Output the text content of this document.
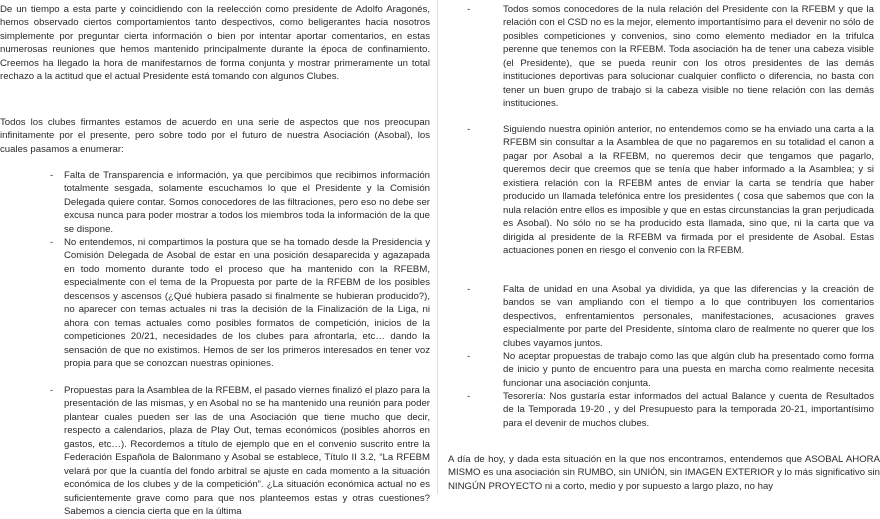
De un tiempo a esta parte y coincidiendo con la reelección como presidente de Adolfo Aragonés, hemos observado ciertos comportamientos tanto despectivos, como beligerantes hacia nosotros simplemente por preguntar cierta información o bien por intentar aportar comentarios, en estas numerosas reuniones que hemos mantenido principalmente durante la época de confinamiento. Creemos ha llegado la hora de manifestarnos de forma conjunta y mostrar primeramente un total rechazo a la actitud que el actual Presidente está tomando con algunos Clubes.

Todos los clubes firmantes estamos de acuerdo en una serie de aspectos que nos preocupan infinitamente por el presente, pero sobre todo por el futuro de nuestra Asociación (Asobal), los cuales pasamos a enumerar:

-	Falta de Transparencia e información, ya que percibimos que recibimos información totalmente sesgada, solamente escuchamos lo que el Presidente y la Comisión Delegada quiere contar. Somos conocedores de las filtraciones, pero eso no debe ser excusa nunca para poder mostrar a todos los miembros toda la información de la que se dispone.
-	No entendemos, ni compartimos la postura que se ha tomado desde la Presidencia y Comisión Delegada de Asobal de estar en una posición desaparecida y agazapada en todo momento durante todo el proceso que ha mantenido con la RFEBM, especialmente con el tema de la Propuesta por parte de la RFEBM de los posibles descensos y ascensos (¿Qué hubiera pasado si finalmente se hubieran producido?), no aparecer con temas actuales ni tras la decisión de la Finalización de la Liga, ni ahora con temas actuales como posibles formatos de competición, inicios de la competiciones 20/21, necesidades de los clubes para afrontarla, etc… dando la sensación de que no existimos. Hemos de ser los primeros interesados en tener voz propia para que se conozcan nuestras opiniones.
-	Propuestas para la Asamblea de la RFEBM, el pasado viernes finalizó el plazo para la presentación de las mismas, y en Asobal no se ha mantenido una reunión para poder plantear cuales pueden ser las de una Asociación que tiene mucho que decir, respecto a calendarios, plaza de Play Out, temas económicos (posibles ahorros en gastos, etc…). Recordemos a título de ejemplo que en el convenio suscrito entre la Federación Española de Balonmano y Asobal se establece, Título II 3.2, “La RFEBM velará por que la cuantía del fondo arbitral se ajuste en cada momento a la situación económica de los clubes y de la competición”. ¿La situación económica actual no es suficientemente grave como para que nos planteemos estas y otras cuestiones? Sabemos a ciencia cierta que en la última
-	Todos somos conocedores de la nula relación del Presidente con la RFEBM y que la relación con el CSD no es la mejor, elemento importantísimo para el devenir no sólo de posibles competiciones y convenios, sino como elemento mediador en la trifulca perenne que tenemos con la RFEBM. Toda asociación ha de tener una cabeza visible (el Presidente), que se pueda reunir con los otros presidentes de las demás instituciones deportivas para solucionar cualquier conflicto o diferencia, no basta con tener un buen grupo de trabajo si la cabeza visible no tiene relación con las demás instituciones.
-	Siguiendo nuestra opinión anterior, no entendemos como se ha enviado una carta a la RFEBM sin consultar a la Asamblea de que no pagaremos en su totalidad el canon a pagar por Asobal a la RFEBM, no queremos decir que tengamos que pagarlo, queremos decir que creemos que se tenía que haber informado a la Asamblea; y si existiera relación con la RFEBM antes de enviar la carta se tendría que haber producido un llamada telefónica entre los presidentes ( cosa que sabemos que con la nula relación entre ellos es imposible y que en estas circunstancias la gran perjudicada es Asobal). No sólo no se ha producido esta llamada, sino que, ni la carta que va dirigida al presidente de la RFEBM va firmada por el presidente de Asobal. Estas actuaciones ponen en riesgo el convenio con la RFEBM.
-	Falta de unidad en una Asobal ya dividida, ya que las diferencias y la creación de bandos se van ampliando con el tiempo a lo que contribuyen los comentarios despectivos, enfrentamientos personales, manifestaciones, acusaciones graves especialmente por parte del Presidente, síntoma claro de realmente no querer que los clubes vayamos juntos.
-	No aceptar propuestas de trabajo como las que algún club ha presentado como forma de inicio y punto de encuentro para una puesta en marcha como realmente necesita funcionar una asociación conjunta.
-	Tesorería: Nos gustaría estar informados del actual Balance y cuenta de Resultados de la Temporada 19-20 , y del Presupuesto para la temporada 20-21, importantísimo para el devenir de muchos clubes.

A día de hoy, y dada esta situación en la que nos encontramos, entendemos que ASOBAL AHORA MISMO es una asociación sin RUMBO, sin UNIÓN, sin IMAGEN EXTERIOR y lo más significativo sin NINGÚN PROYECTO ni a corto, medio y por supuesto a largo plazo, no hay
